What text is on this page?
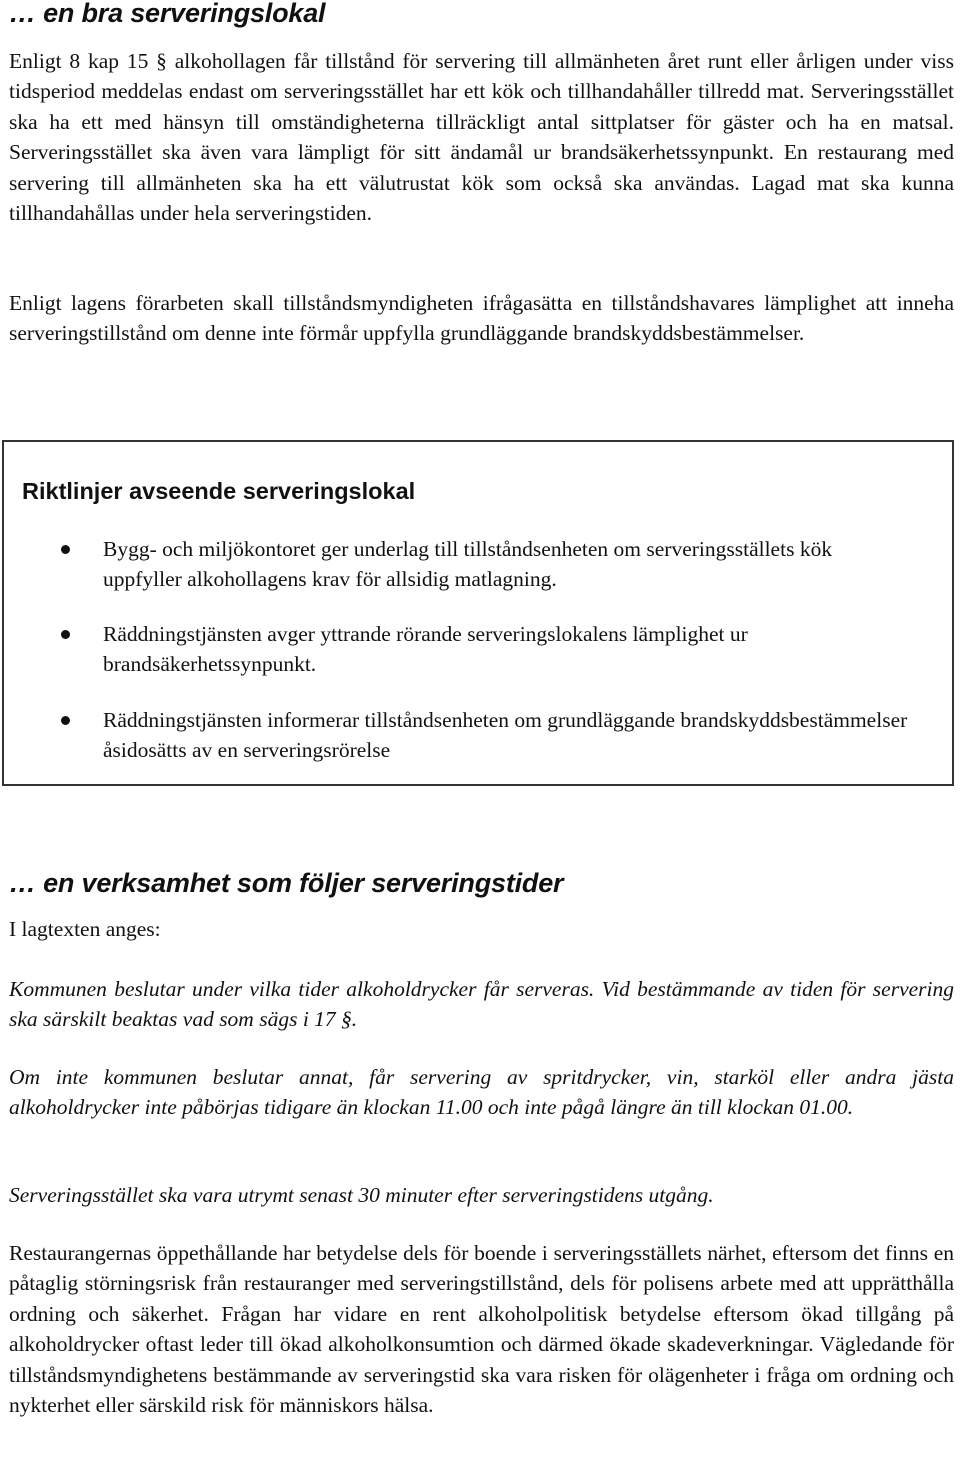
… en bra serveringslokal

Enligt 8 kap 15 § alkohollagen får tillstånd för servering till allmänheten året runt eller årligen under viss tidsperiod meddelas endast om serveringsstället har ett kök och tillhandahåller tillredd mat. Serveringsstället ska ha ett med hänsyn till omständigheterna tillräckligt antal sittplatser för gäster och ha en matsal. Serveringsstället ska även vara lämpligt för sitt ändamål ur brandsäkerhetssynpunkt. En restaurang med servering till allmänheten ska ha ett välutrustat kök som också ska användas. Lagad mat ska kunna tillhandahållas under hela serveringstiden.

Enligt lagens förarbeten skall tillståndsmyndigheten ifrågasätta en tillståndshavares lämplighet att inneha serveringstillstånd om denne inte förmår uppfylla grundläggande brandskyddsbestämmelser.

Riktlinjer avseende serveringslokal

Bygg- och miljökontoret ger underlag till tillståndsenheten om serveringsställets kök uppfyller alkohollagens krav för allsidig matlagning.

Räddningstjänsten avger yttrande rörande serveringslokalens lämplighet ur brandsäkerhetssynpunkt.

Räddningstjänsten informerar tillståndsenheten om grundläggande brandskyddsbestämmelser åsidosätts av en serveringsrörelse

… en verksamhet som följer serveringstider

I lagtexten anges:

Kommunen beslutar under vilka tider alkoholdrycker får serveras. Vid bestämmande av tiden för servering ska särskilt beaktas vad som sägs i 17 §.

Om inte kommunen beslutar annat, får servering av spritdrycker, vin, starköl eller andra jästa alkoholdrycker inte påbörjas tidigare än klockan 11.00 och inte pågå längre än till klockan 01.00.

Serveringsstället ska vara utrymt senast 30 minuter efter serveringstidens utgång.

Restaurangernas öppethållande har betydelse dels för boende i serveringsställets närhet, eftersom det finns en påtaglig störningsrisk från restauranger med serveringstillstånd, dels för polisens arbete med att upprätthålla ordning och säkerhet. Frågan har vidare en rent alkoholpolitisk betydelse eftersom ökad tillgång på alkoholdrycker oftast leder till ökad alkoholkonsumtion och därmed ökade skadeverkningar. Vägledande för tillståndsmyndighetens bestämmande av serveringstid ska vara risken för olägenheter i fråga om ordning och nykterhet eller särskild risk för människors hälsa.
